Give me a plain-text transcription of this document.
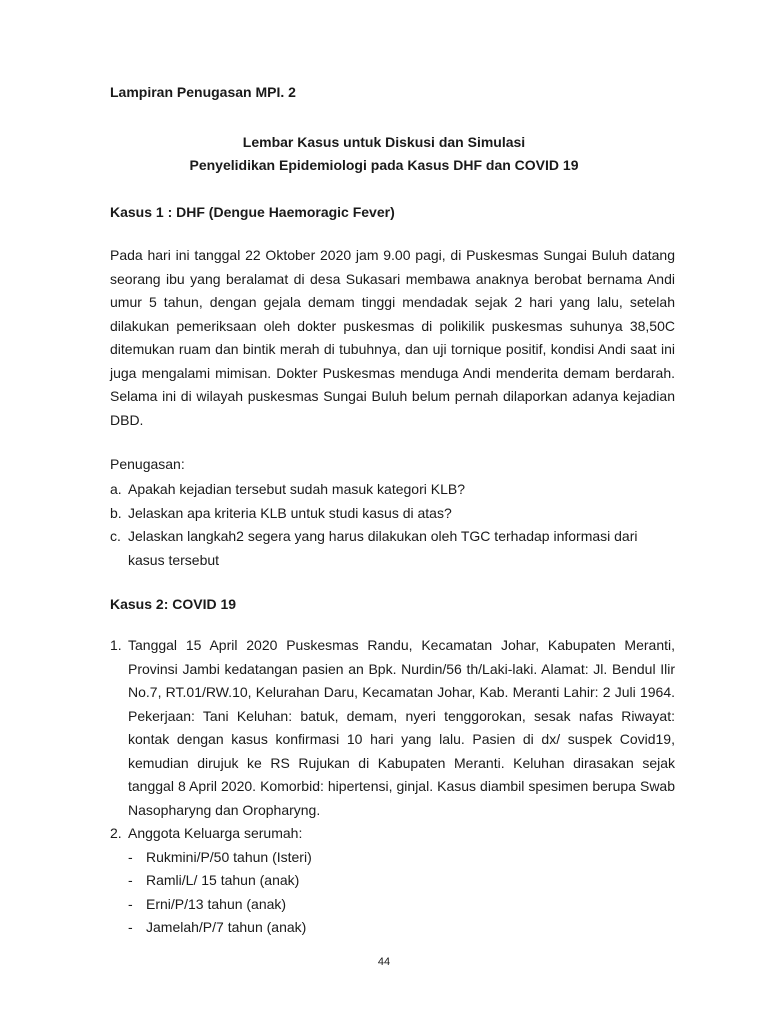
Lampiran Penugasan MPI. 2
Lembar Kasus untuk Diskusi dan Simulasi
Penyelidikan Epidemiologi pada Kasus DHF dan COVID 19
Kasus 1 : DHF (Dengue Haemoragic Fever)
Pada hari ini tanggal 22 Oktober 2020 jam 9.00 pagi, di Puskesmas Sungai Buluh datang seorang ibu yang beralamat di desa Sukasari membawa anaknya berobat bernama Andi umur 5 tahun, dengan gejala demam tinggi mendadak sejak 2 hari yang lalu, setelah dilakukan pemeriksaan oleh dokter puskesmas di polikilik puskesmas suhunya 38,50C ditemukan ruam dan bintik merah di tubuhnya, dan uji tornique positif, kondisi Andi saat ini juga mengalami mimisan. Dokter Puskesmas menduga Andi menderita demam berdarah. Selama ini di wilayah puskesmas Sungai Buluh belum pernah dilaporkan adanya kejadian DBD.
Penugasan:
a. Apakah kejadian tersebut sudah masuk kategori KLB?
b. Jelaskan apa kriteria KLB untuk studi kasus di atas?
c. Jelaskan langkah2 segera yang harus dilakukan oleh TGC terhadap informasi dari kasus tersebut
Kasus 2: COVID 19
1. Tanggal 15 April 2020 Puskesmas Randu, Kecamatan Johar, Kabupaten Meranti, Provinsi Jambi kedatangan pasien an Bpk. Nurdin/56 th/Laki-laki. Alamat: Jl. Bendul Ilir No.7, RT.01/RW.10, Kelurahan Daru, Kecamatan Johar, Kab. Meranti Lahir: 2 Juli 1964. Pekerjaan: Tani Keluhan: batuk, demam, nyeri tenggorokan, sesak nafas Riwayat: kontak dengan kasus konfirmasi 10 hari yang lalu. Pasien di dx/ suspek Covid19, kemudian dirujuk ke RS Rujukan di Kabupaten Meranti. Keluhan dirasakan sejak tanggal 8 April 2020. Komorbid: hipertensi, ginjal. Kasus diambil spesimen berupa Swab Nasopharyng dan Oropharyng.
2. Anggota Keluarga serumah:
- Rukmini/P/50 tahun (Isteri)
- Ramli/L/ 15 tahun (anak)
- Erni/P/13 tahun (anak)
- Jamelah/P/7 tahun (anak)
44
